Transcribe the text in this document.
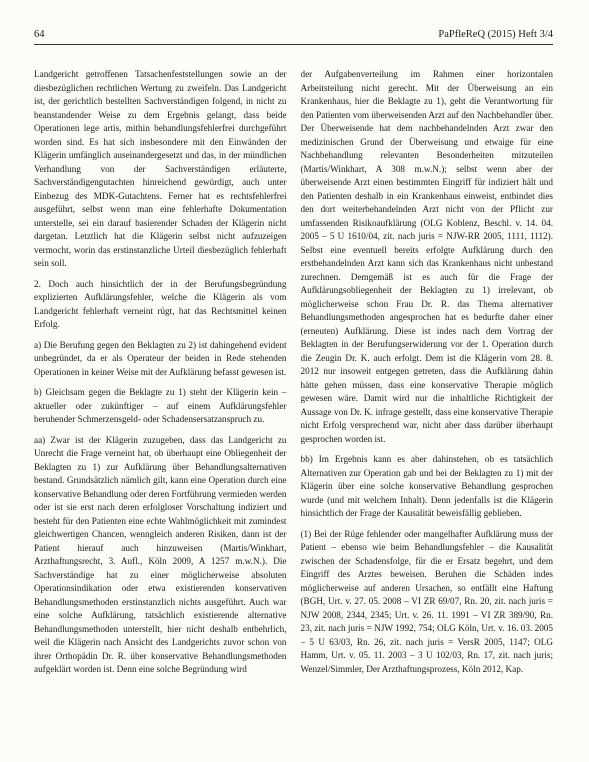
64	PaPfleReQ (2015) Heft 3/4

Landgericht getroffenen Tatsachenfeststellungen sowie an der diesbezüglichen rechtlichen Wertung zu zweifeln. Das Landgericht ist, der gerichtlich bestellten Sachverständigen folgend, in nicht zu beanstandender Weise zu dem Ergebnis gelangt, dass beide Operationen lege artis, mithin behandlungsfehlerfrei durchgeführt worden sind. Es hat sich insbesondere mit den Einwänden der Klägerin umfänglich auseinandergesetzt und das, in der mündlichen Verhandlung von der Sachverständigen erläuterte, Sachverständigengutachten hinreichend gewürdigt, auch unter Einbezug des MDK-Gutachtens. Ferner hat es rechtsfehlerfrei ausgeführt, selbst wenn man eine fehlerhafte Dokumentation unterstelle, sei ein darauf basierender Schaden der Klägerin nicht dargetan. Letztlich hat die Klägerin selbst nicht aufzuzeigen vermocht, worin das erstinstanzliche Urteil diesbezüglich fehlerhaft sein soll.

2. Doch auch hinsichtlich der in der Berufungsbegründung explizierten Aufklärungsfehler, welche die Klägerin als vom Landgericht fehlerhaft verneint rügt, hat das Rechtsmittel keinen Erfolg.

a) Die Berufung gegen den Beklagten zu 2) ist dahingehend evident unbegründet, da er als Operateur der beiden in Rede stehenden Operationen in keiner Weise mit der Aufklärung befasst gewesen ist.

b) Gleichsam gegen die Beklagte zu 1) steht der Klägerin kein – aktueller oder zukünftiger – auf einem Aufklärungsfehler beruhender Schmerzensgeld- oder Schadensersatzanspruch zu.

aa) Zwar ist der Klägerin zuzugeben, dass das Landgericht zu Unrecht die Frage verneint hat, ob überhaupt eine Obliegenheit der Beklagten zu 1) zur Aufklärung über Behandlungsalternativen bestand. Grundsätzlich nämlich gilt, kann eine Operation durch eine konservative Behandlung oder deren Fortführung vermieden werden oder ist sie erst nach deren erfolgloser Vorschaltung indiziert und besteht für den Patienten eine echte Wahlmöglichkeit mit zumindest gleichwertigen Chancen, wenngleich anderen Risiken, dann ist der Patient hierauf auch hinzuweisen (Martis/Winkhart, Arzthaftungsrecht, 3. Aufl., Köln 2009, A 1257 m.w.N.). Die Sachverständige hat zu einer möglicherweise absoluten Operationsindikation oder etwa existierenden konservativen Behandlungsmethoden erstinstanzlich nichts ausgeführt. Auch war eine solche Aufklärung, tatsächlich existierende alternative Behandlungsmethoden unterstellt, hier nicht deshalb entbehrlich, weil die Klägerin nach Ansicht des Landgerichts zuvor schon von ihrer Orthopädin Dr. R. über konservative Behandlungsmethoden aufgeklärt worden ist. Denn eine solche Begründung wird

der Aufgabenverteilung im Rahmen einer horizontalen Arbeitsteilung nicht gerecht. Mit der Überweisung an ein Krankenhaus, hier die Beklagte zu 1), geht die Verantwortung für den Patienten vom überweisenden Arzt auf den Nachbehandler über. Der Überweisende hat dem nachbehandelnden Arzt zwar den medizinischen Grund der Überweisung und etwaige für eine Nachbehandlung relevanten Besonderheiten mitzuteilen (Martis/Winkhart, A 308 m.w.N.); selbst wenn aber der überweisende Arzt einen bestimmten Eingriff für indiziert hält und den Patienten deshalb in ein Krankenhaus einweist, entbindet dies den dort weiterbehandelnden Arzt nicht von der Pflicht zur umfassenden Risikoaufklärung (OLG Koblenz, Beschl. v. 14. 04. 2005 – 5 U 1610/04, zit. nach juris = NJW-RR 2005, 1111, 1112). Selbst eine eventuell bereits erfolgte Aufklärung durch den erstbehandelnden Arzt kann sich das Krankenhaus nicht unbestand zurechnen. Demgemäß ist es auch für die Frage der Aufklärungsobliegenheit der Beklagten zu 1) irrelevant, ob möglicherweise schon Frau Dr. R. das Thema alternativer Behandlungsmethoden angesprochen hat es bedurfte daher einer (erneuten) Aufklärung. Diese ist indes nach dem Vortrag der Beklagten in der Berufungserwiderung vor der 1. Operation durch die Zeugin Dr. K. auch erfolgt. Dem ist die Klägerin vom 28. 8. 2012 nur insoweit entgegen getreten, dass die Aufklärung dahin hätte gehen müssen, dass eine konservative Therapie möglich gewesen wäre. Damit wird nur die inhaltliche Richtigkeit der Aussage von Dr. K. infrage gestellt, dass eine konservative Therapie nicht Erfolg versprechend war, nicht aber dass darüber überhaupt gesprochen worden ist.

bb) Im Ergebnis kann es aber dahinstehen, ob es tatsächlich Alternativen zur Operation gab und bei der Beklagten zu 1) mit der Klägerin über eine solche konservative Behandlung gesprochen wurde (und mit welchem Inhalt). Denn jedenfalls ist die Klägerin hinsichtlich der Frage der Kausalität beweisfällig geblieben.

(1) Bei der Rüge fehlender oder mangelhafter Aufklärung muss der Patient – ebenso wie beim Behandlungsfehler – die Kausalität zwischen der Schadensfolge, für die er Ersatz begehrt, und dem Eingriff des Arztes beweisen. Beruhen die Schäden indes möglicherweise auf anderen Ursachen, so entfällt eine Haftung (BGH, Urt. v. 27. 05. 2008 – VI ZR 69/07, Rn. 20, zit. nach juris = NJW 2008, 2344, 2345; Urt. v. 26. 11. 1991 – VI ZR 389/90, Rn. 23, zit. nach juris = NJW 1992, 754; OLG Köln, Urt. v. 16. 03. 2005 – 5 U 63/03, Rn. 26, zit. nach juris = VersR 2005, 1147; OLG Hamm, Urt. v. 05. 11. 2003 – 3 U 102/03, Rn. 17, zit. nach juris; Wenzel/Simmler, Der Arzthaftungsprozess, Köln 2012, Kap.
